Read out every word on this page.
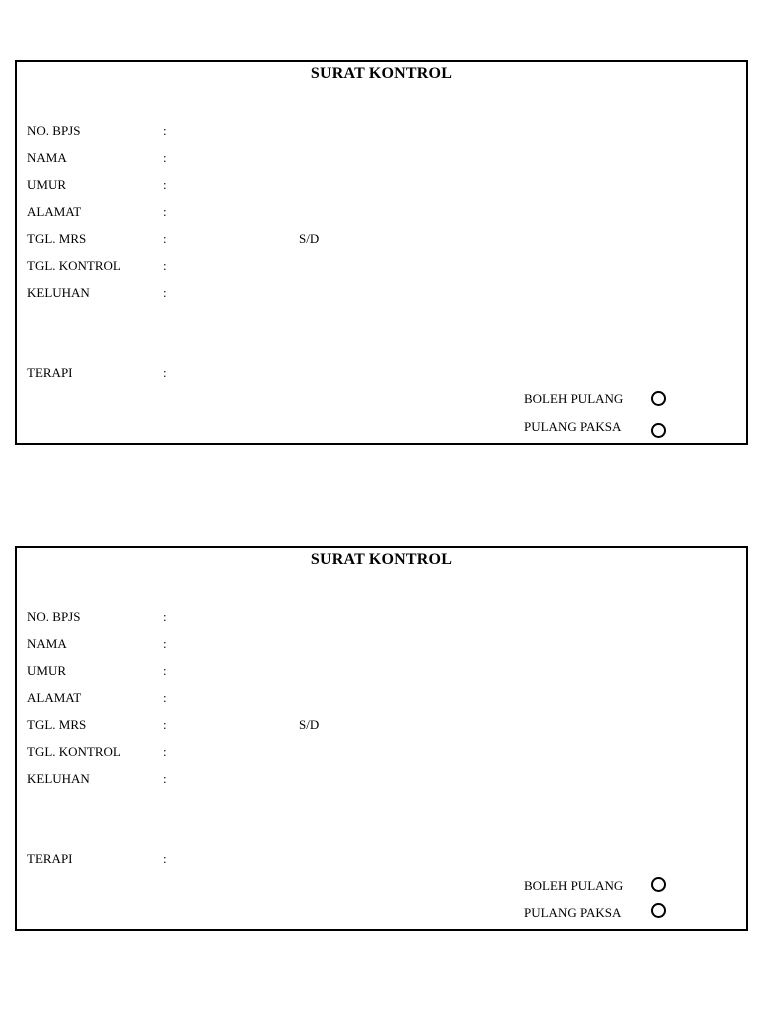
SURAT KONTROL
NO. BPJS	:
NAMA	:
UMUR	:
ALAMAT	:
TGL. MRS	:	S/D
TGL. KONTROL	:
KELUHAN	:
TERAPI	:
BOLEH PULANG
PULANG PAKSA
SURAT KONTROL
NO. BPJS	:
NAMA	:
UMUR	:
ALAMAT	:
TGL. MRS	:	S/D
TGL. KONTROL	:
KELUHAN	:
TERAPI	:
BOLEH PULANG
PULANG PAKSA
